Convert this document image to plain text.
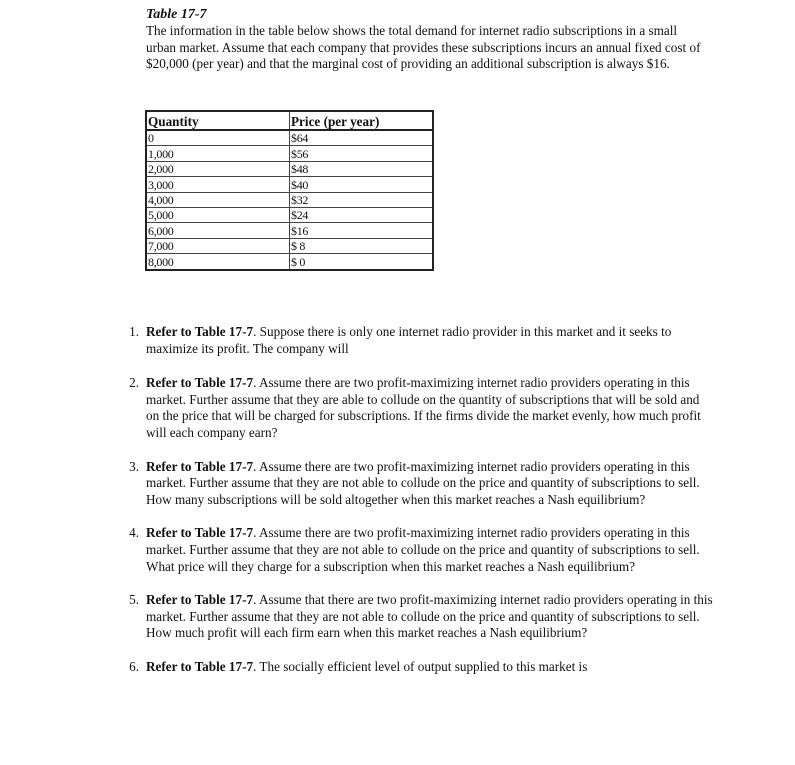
Table 17-7
The information in the table below shows the total demand for internet radio subscriptions in a small urban market. Assume that each company that provides these subscriptions incurs an annual fixed cost of $20,000 (per year) and that the marginal cost of providing an additional subscription is always $16.
Quantity	Price (per year)
0	$64
1,000	$56
2,000	$48
3,000	$40
4,000	$32
5,000	$24
6,000	$16
7,000	$ 8
8,000	$ 0
1. Refer to Table 17-7. Suppose there is only one internet radio provider in this market and it seeks to maximize its profit. The company will
2. Refer to Table 17-7. Assume there are two profit-maximizing internet radio providers operating in this market. Further assume that they are able to collude on the quantity of subscriptions that will be sold and on the price that will be charged for subscriptions. If the firms divide the market evenly, how much profit will each company earn?
3. Refer to Table 17-7. Assume there are two profit-maximizing internet radio providers operating in this market. Further assume that they are not able to collude on the price and quantity of subscriptions to sell. How many subscriptions will be sold altogether when this market reaches a Nash equilibrium?
4. Refer to Table 17-7. Assume there are two profit-maximizing internet radio providers operating in this market. Further assume that they are not able to collude on the price and quantity of subscriptions to sell. What price will they charge for a subscription when this market reaches a Nash equilibrium?
5. Refer to Table 17-7. Assume that there are two profit-maximizing internet radio providers operating in this market. Further assume that they are not able to collude on the price and quantity of subscriptions to sell. How much profit will each firm earn when this market reaches a Nash equilibrium?
6. Refer to Table 17-7. The socially efficient level of output supplied to this market is
